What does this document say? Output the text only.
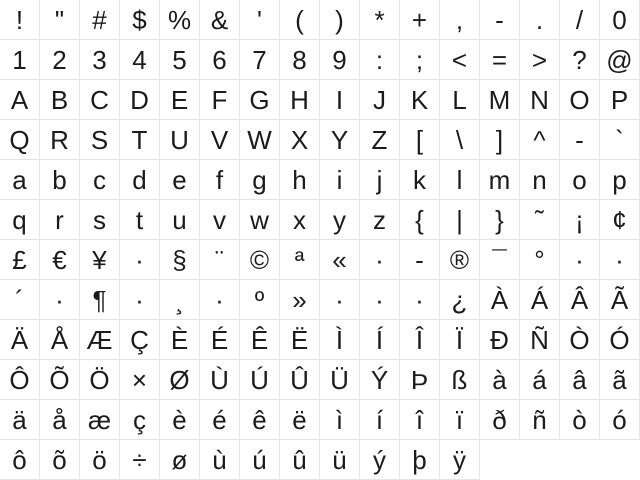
!	"	# $ % &	'	(	)	*	+	,	-	.	/	0
1 2 3 4 5 6 7 8 9	:	;	< = > ? @
A B C D E F G H	I	J K L M N O P
Q R S T U V W X Y Z	[	\	]	^	-	`
a b	c	d e	f	g h	i	j	k	l	m n o p
q	r	s	t	u	v w x	y	z	{	|	}	˜	¡	¢
£ € ¥	·	§	¨	© ª	«	·	-	® ¯	°	·	·
´	·	¶	·	¸	·	º	»	·	·	·	¿ À Á Â Ã
Ä Å Æ Ç È É Ê Ë	Ì	Í	Î	Ï	Ð Ñ Ò Ó
Ô Õ Ö × Ø Ù Ú Û Ü Ý Þ ß à á â ã
ä å æ ç	è é ê ë	ì	í	î	ï	ð ñ ò ó
ô õ ö ÷ ø ù ú û ü	ý	þ	ÿ
